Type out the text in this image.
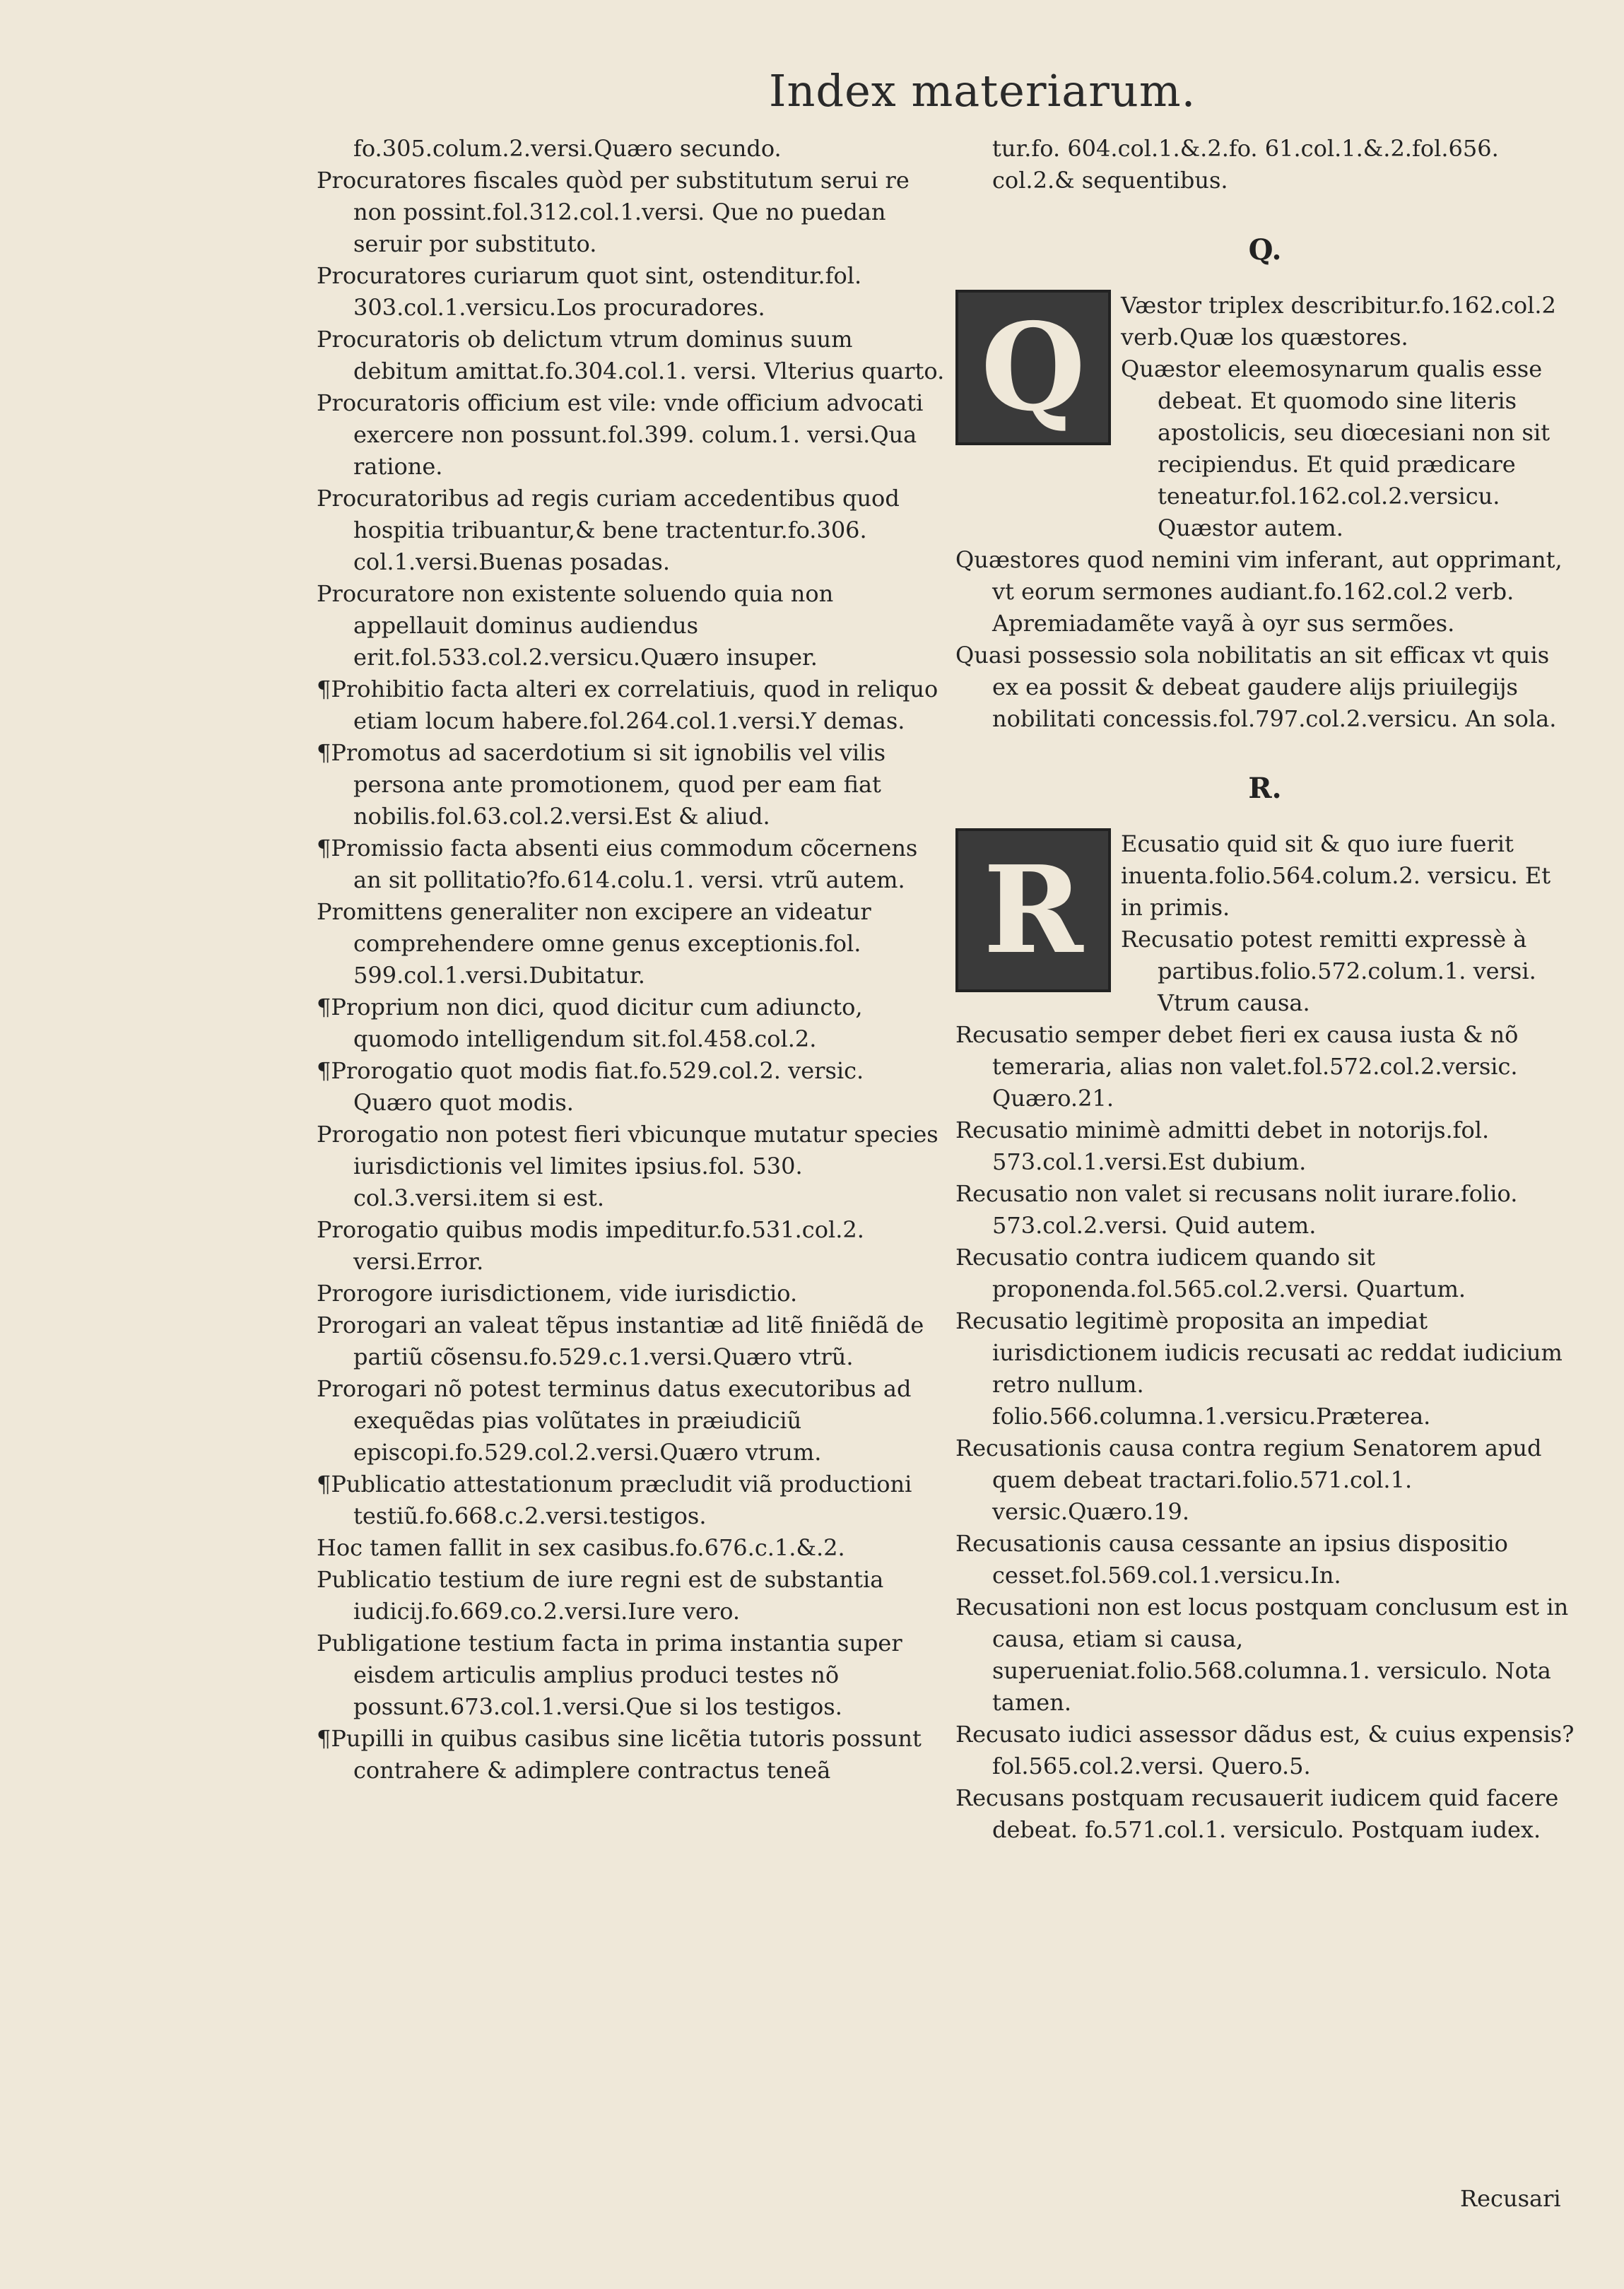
Index materiarum.

fo.305.colum.2.versi.Quæro secundo.

Procuratores fiscales quòd per substitutum serui re non possint.fol.312.col.1.versi. Que no puedan seruir por substituto.

Procuratores curiarum quot sint, ostenditur.fol. 303.col.1.versicu.Los procuradores.

Procuratoris ob delictum vtrum dominus suum debitum amittat.fo.304.col.1. versi. Vlterius quarto.

Procuratoris officium est vile: vnde officium advocati exercere non possunt.fol.399. colum.1. versi.Qua ratione.

Procuratoribus ad regis curiam accedentibus quod hospitia tribuantur,& bene tractentur.fo.306. col.1.versi.Buenas posadas.

Procuratore non existente soluendo quia non appellauit dominus audiendus erit.fol.533.col.2.versicu.Quæro insuper.

¶Prohibitio facta alteri ex correlatiuis, quod in reliquo etiam locum habere.fol.264.col.1.versi.Y demas.

¶Promotus ad sacerdotium si sit ignobilis vel vilis persona ante promotionem, quod per eam fiat nobilis.fol.63.col.2.versi.Est & aliud.

¶Promissio facta absenti eius commodum cõcernens an sit pollitatio?fo.614.colu.1. versi. vtrũ autem.

Promittens generaliter non excipere an videatur comprehendere omne genus exceptionis.fol. 599.col.1.versi.Dubitatur.

¶Proprium non dici, quod dicitur cum adiuncto, quomodo intelligendum sit.fol.458.col.2.

¶Prorogatio quot modis fiat.fo.529.col.2. versic. Quæro quot modis.

Prorogatio non potest fieri vbicunque mutatur species iurisdictionis vel limites ipsius.fol. 530. col.3.versi.item si est.

Prorogatio quibus modis impeditur.fo.531.col.2. versi.Error.

Prorogore iurisdictionem, vide iurisdictio.

Prorogari an valeat tẽpus instantiæ ad litẽ finiẽdã de partiũ cõsensu.fo.529.c.1.versi.Quæro vtrũ.

Prorogari nõ potest terminus datus executoribus ad exequẽdas pias volũtates in præiudiciũ episcopi.fo.529.col.2.versi.Quæro vtrum.

¶Publicatio attestationum præcludit viã productioni testiũ.fo.668.c.2.versi.testigos.

Hoc tamen fallit in sex casibus.fo.676.c.1.&.2.

Publicatio testium de iure regni est de substantia iudicij.fo.669.co.2.versi.Iure vero.

Publigatione testium facta in prima instantia super eisdem articulis amplius produci testes nõ possunt.673.col.1.versi.Que si los testigos.

¶Pupilli in quibus casibus sine licẽtia tutoris possunt contrahere & adimplere contractus teneã

tur.fo. 604.col.1.&.2.fo. 61.col.1.&.2.fol.656. col.2.& sequentibus.

Q.
Q	Væstor triplex describitur.fo.162.col.2 verb.Quæ los quæstores.

Quæstor eleemosynarum qualis esse debeat. Et quomodo sine literis apostolicis, seu diœcesiani non sit recipiendus. Et quid prædicare teneatur.fol.162.col.2.versicu. Quæstor autem.

Quæstores quod nemini vim inferant, aut opprimant, vt eorum sermones audiant.fo.162.col.2 verb. Apremiadamẽte vayã à oyr sus sermões.

Quasi possessio sola nobilitatis an sit efficax vt quis ex ea possit & debeat gaudere alijs priuilegijs nobilitati concessis.fol.797.col.2.versicu. An sola.

R.
R	Ecusatio quid sit & quo iure fuerit inuenta.folio.564.colum.2. versicu. Et in primis.

Recusatio potest remitti expressè à partibus.folio.572.colum.1. versi. Vtrum causa.

Recusatio semper debet fieri ex causa iusta & nõ temeraria, alias non valet.fol.572.col.2.versic. Quæro.21.

Recusatio minimè admitti debet in notorijs.fol. 573.col.1.versi.Est dubium.

Recusatio non valet si recusans nolit iurare.folio. 573.col.2.versi. Quid autem.

Recusatio contra iudicem quando sit proponenda.fol.565.col.2.versi. Quartum.

Recusatio legitimè proposita an impediat iurisdictionem iudicis recusati ac reddat iudicium retro nullum. folio.566.columna.1.versicu.Præterea.

Recusationis causa contra regium Senatorem apud quem debeat tractari.folio.571.col.1. versic.Quæro.19.

Recusationis causa cessante an ipsius dispositio cesset.fol.569.col.1.versicu.In.

Recusationi non est locus postquam conclusum est in causa, etiam si causa, superueniat.folio.568.columna.1. versiculo. Nota tamen.

Recusato iudici assessor dãdus est, & cuius expensis?fol.565.col.2.versi. Quero.5.

Recusans postquam recusauerit iudicem quid facere debeat. fo.571.col.1. versiculo. Postquam iudex.

Recusari
